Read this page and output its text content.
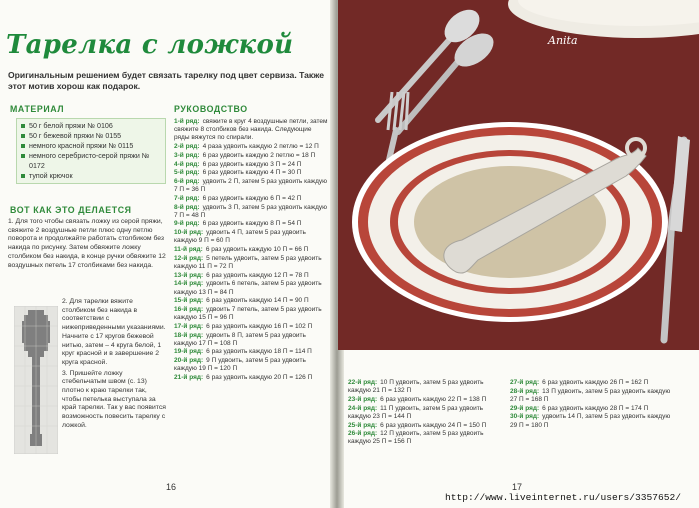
Тарелка с ложкой
Оригинальным решением будет связать тарелку под цвет сервиза. Также этот мотив хорош как подарок.
МАТЕРИАЛ
50 г белой пряжи № 0106
50 г бежевой пряжи № 0155
немного красной пряжи № 0115
немного серебристо-серой пряжи № 0172
тупой крючок
ВОТ КАК ЭТО ДЕЛАЕТСЯ

1. Для того чтобы связать ложку из серой пряжи, свяжите 2 воздушные петли плюс одну петлю поворота и продолжайте работать столбиком без накида по рисунку. Затем обвяжите ложку столбиком без накида, в конце ручки обвяжите 12 воздушных петель 17 столбиками без накида.

2. Для тарелки вяжите столбиком без накида в соответствии с нижеприведенными указаниями. Начните с 17 кругов бежевой нитью, затем – 4 круга белой, 1 круг красной и в завершение 2 круга красной.

3. Пришейте ложку стебельчатым швом (с. 13) плотно к краю тарелки так, чтобы петелька выступала за край тарелки. Так у вас появится возможность повесить тарелку с ложкой.

РУКОВОДСТВО
1-й ряд: свяжите в круг 4 воздушные петли, затем свяжите 8 столбиков без накида. Следующие ряды вяжутся по спирали.
2-й ряд: 4 раза удвоить каждую 2 петлю = 12 П
3-й ряд: 6 раз удвоить каждую 2 петлю = 18 П
4-й ряд: 6 раз удвоить каждую 3 П = 24 П
5-й ряд: 6 раз удвоить каждую 4 П = 30 П
6-й ряд: удвоить 2 П, затем 5 раз удвоить каждую 7 П = 36 П
7-й ряд: 6 раз удвоить каждую 6 П = 42 П
8-й ряд: удвоить 3 П, затем 5 раз удвоить каждую 7 П = 48 П
9-й ряд: 6 раз удвоить каждую 8 П = 54 П
10-й ряд: удвоить 4 П, затем 5 раз удвоить каждую 9 П = 60 П
11-й ряд: 6 раз удвоить каждую 10 П = 66 П
12-й ряд: 5 петель удвоить, затем 5 раз удвоить каждую 11 П = 72 П
13-й ряд: 6 раз удвоить каждую 12 П = 78 П
14-й ряд: удвоить 6 петель, затем 5 раз удвоить каждую 13 П = 84 П
15-й ряд: 6 раз удвоить каждую 14 П = 90 П
16-й ряд: удвоить 7 петель, затем 5 раз удвоить каждую 15 П = 96 П
17-й ряд: 6 раз удвоить каждую 16 П = 102 П
18-й ряд: удвоить 8 П, затем 5 раз удвоить каждую 17 П = 108 П
19-й ряд: 6 раз удвоить каждую 18 П = 114 П
20-й ряд: 9 П удвоить, затем 5 раз удвоить каждую 19 П = 120 П
21-й ряд: 6 раз удвоить каждую 20 П = 126 П
16
Anita
22-й ряд: 10 П удвоить, затем 5 раз удвоить каждую 21 П = 132 П
23-й ряд: 6 раз удвоить каждую 22 П = 138 П
24-й ряд: 11 П удвоить, затем 5 раз удвоить каждую 23 П = 144 П
25-й ряд: 6 раз удвоить каждую 24 П = 150 П
26-й ряд: 12 П удвоить, затем 5 раз удвоить каждую 25 П = 156 П
27-й ряд: 6 раз удвоить каждую 26 П = 162 П
28-й ряд: 13 П удвоить, затем 5 раз удвоить каждую 27 П = 168 П
29-й ряд: 6 раз удвоить каждую 28 П = 174 П
30-й ряд: удвоить 14 П, затем 5 раз удвоить каждую 29 П = 180 П
17
http://www.liveinternet.ru/users/3357652/
